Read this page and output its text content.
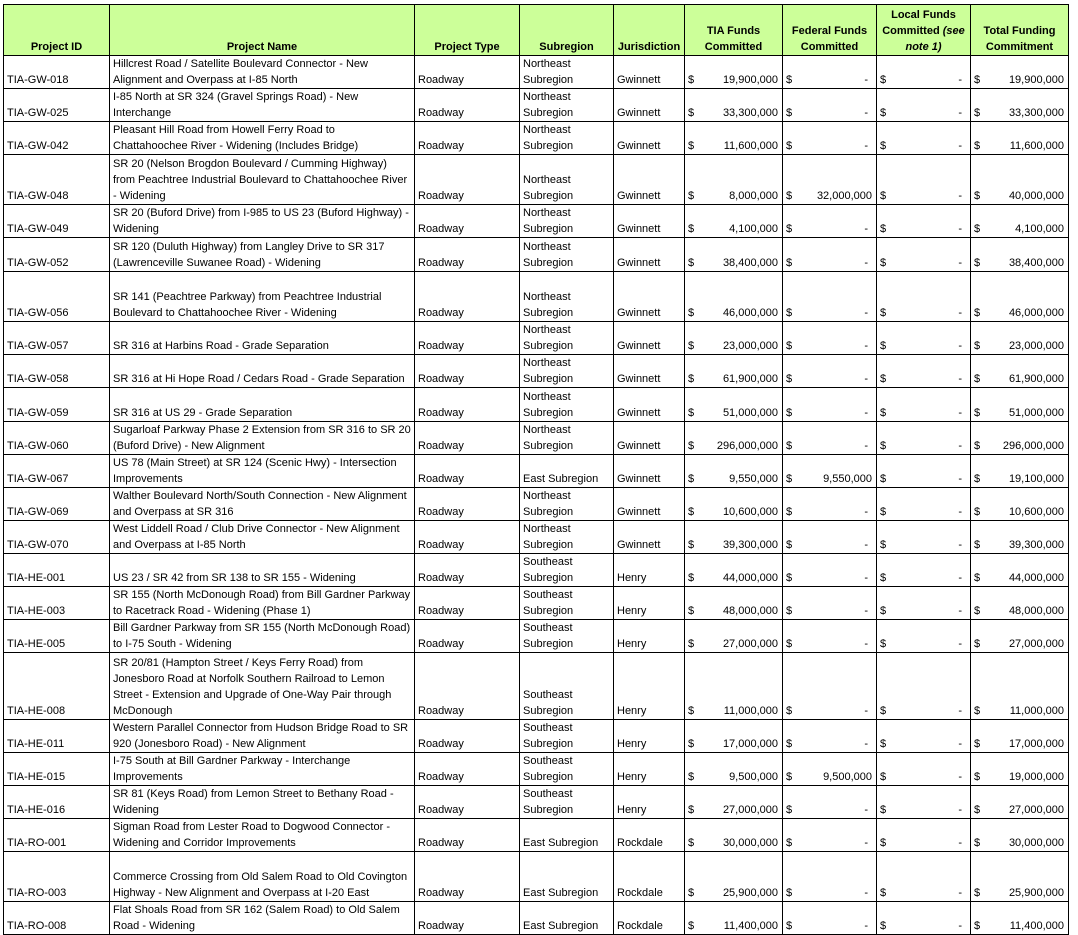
Project ID	Project Name	Project Type	Subregion	Jurisdiction	TIA Funds Committed	Federal Funds Committed	Local Funds Committed (see note 1)	Total Funding Commitment
TIA-GW-018	Hillcrest Road / Satellite Boulevard Connector - New Alignment and Overpass at I-85 North	Roadway	Northeast Subregion	Gwinnett	$ 19,900,000	$ -	$ -	$ 19,900,000

TIA-GW-025	I-85 North at SR 324 (Gravel Springs Road) - New Interchange	Roadway	Northeast Subregion	Gwinnett	$ 33,300,000	$ -	$ -	$ 33,300,000

TIA-GW-042	Pleasant Hill Road from Howell Ferry Road to Chattahoochee River - Widening (Includes Bridge)	Roadway	Northeast Subregion	Gwinnett	$ 11,600,000	$ -	$ -	$ 11,600,000

TIA-GW-048	SR 20 (Nelson Brogdon Boulevard / Cumming Highway) from Peachtree Industrial Boulevard to Chattahoochee River - Widening	Roadway	Northeast Subregion	Gwinnett	$ 8,000,000	$ 32,000,000	$ -	$ 40,000,000

TIA-GW-049	SR 20 (Buford Drive) from I-985 to US 23 (Buford Highway) - Widening	Roadway	Northeast Subregion	Gwinnett	$ 4,100,000	$ -	$ -	$ 4,100,000

TIA-GW-052	SR 120 (Duluth Highway) from Langley Drive to SR 317 (Lawrenceville Suwanee Road) - Widening	Roadway	Northeast Subregion	Gwinnett	$ 38,400,000	$ -	$ -	$ 38,400,000

TIA-GW-056	SR 141 (Peachtree Parkway) from Peachtree Industrial Boulevard to Chattahoochee River - Widening	Roadway	Northeast Subregion	Gwinnett	$ 46,000,000	$ -	$ -	$ 46,000,000

TIA-GW-057	SR 316 at Harbins Road - Grade Separation	Roadway	Northeast Subregion	Gwinnett	$ 23,000,000	$ -	$ -	$ 23,000,000

TIA-GW-058	SR 316 at Hi Hope Road / Cedars Road - Grade Separation	Roadway	Northeast Subregion	Gwinnett	$ 61,900,000	$ -	$ -	$ 61,900,000

TIA-GW-059	SR 316 at US 29 - Grade Separation	Roadway	Northeast Subregion	Gwinnett	$ 51,000,000	$ -	$ -	$ 51,000,000

TIA-GW-060	Sugarloaf Parkway Phase 2 Extension from SR 316 to SR 20 (Buford Drive) - New Alignment	Roadway	Northeast Subregion	Gwinnett	$ 296,000,000	$ -	$ -	$ 296,000,000

TIA-GW-067	US 78 (Main Street) at SR 124 (Scenic Hwy) - Intersection Improvements	Roadway	East Subregion	Gwinnett	$ 9,550,000	$ 9,550,000	$ -	$ 19,100,000

TIA-GW-069	Walther Boulevard North/South Connection - New Alignment and Overpass at SR 316	Roadway	Northeast Subregion	Gwinnett	$ 10,600,000	$ -	$ -	$ 10,600,000

TIA-GW-070	West Liddell Road / Club Drive Connector - New Alignment and Overpass at I-85 North	Roadway	Northeast Subregion	Gwinnett	$ 39,300,000	$ -	$ -	$ 39,300,000

TIA-HE-001	US 23 / SR 42 from SR 138 to SR 155 - Widening	Roadway	Southeast Subregion	Henry	$ 44,000,000	$ -	$ -	$ 44,000,000

TIA-HE-003	SR 155 (North McDonough Road) from Bill Gardner Parkway to Racetrack Road - Widening (Phase 1)	Roadway	Southeast Subregion	Henry	$ 48,000,000	$ -	$ -	$ 48,000,000

TIA-HE-005	Bill Gardner Parkway from SR 155 (North McDonough Road) to I-75 South - Widening	Roadway	Southeast Subregion	Henry	$ 27,000,000	$ -	$ -	$ 27,000,000

TIA-HE-008	SR 20/81 (Hampton Street / Keys Ferry Road) from Jonesboro Road at Norfolk Southern Railroad to Lemon Street - Extension and Upgrade of One-Way Pair through McDonough	Roadway	Southeast Subregion	Henry	$ 11,000,000	$ -	$ -	$ 11,000,000

TIA-HE-011	Western Parallel Connector from Hudson Bridge Road to SR 920 (Jonesboro Road) - New Alignment	Roadway	Southeast Subregion	Henry	$ 17,000,000	$ -	$ -	$ 17,000,000

TIA-HE-015	I-75 South at Bill Gardner Parkway - Interchange Improvements	Roadway	Southeast Subregion	Henry	$ 9,500,000	$ 9,500,000	$ -	$ 19,000,000

TIA-HE-016	SR 81 (Keys Road) from Lemon Street to Bethany Road - Widening	Roadway	Southeast Subregion	Henry	$ 27,000,000	$ -	$ -	$ 27,000,000

TIA-RO-001	Sigman Road from Lester Road to Dogwood Connector - Widening and Corridor Improvements	Roadway	East Subregion	Rockdale	$ 30,000,000	$ -	$ -	$ 30,000,000

TIA-RO-003	Commerce Crossing from Old Salem Road to Old Covington Highway - New Alignment and Overpass at I-20 East	Roadway	East Subregion	Rockdale	$ 25,900,000	$ -	$ -	$ 25,900,000

TIA-RO-008	Flat Shoals Road from SR 162 (Salem Road) to Old Salem Road - Widening	Roadway	East Subregion	Rockdale	$ 11,400,000	$ -	$ -	$ 11,400,000
